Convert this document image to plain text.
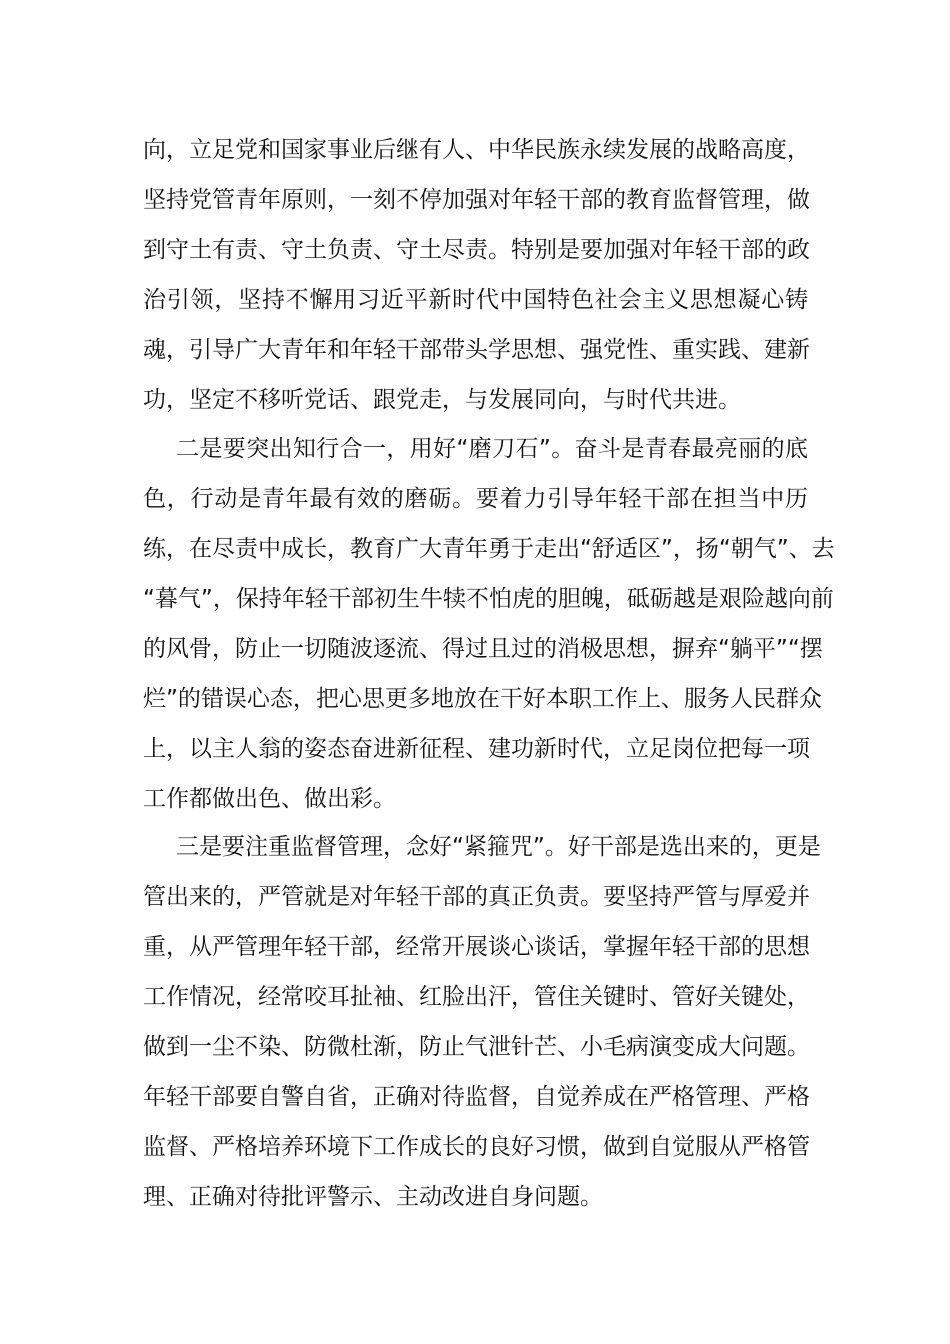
向，立足党和国家事业后继有人、中华民族永续发展的战略高度，
坚持党管青年原则，一刻不停加强对年轻干部的教育监督管理，做
到守土有责、守土负责、守土尽责。特别是要加强对年轻干部的政
治引领，坚持不懈用习近平新时代中国特色社会主义思想凝心铸
魂，引导广大青年和年轻干部带头学思想、强党性、重实践、建新
功，坚定不移听党话、跟党走，与发展同向，与时代共进。
二是要突出知行合一，用好“磨刀石”。奋斗是青春最亮丽的底
色，行动是青年最有效的磨砺。要着力引导年轻干部在担当中历
练，在尽责中成长，教育广大青年勇于走出“舒适区”，扬“朝气”、去
“暮气”，保持年轻干部初生牛犊不怕虎的胆魄，砥砺越是艰险越向前
的风骨，防止一切随波逐流、得过且过的消极思想，摒弃“躺平”“摆
烂”的错误心态，把心思更多地放在干好本职工作上、服务人民群众
上，以主人翁的姿态奋进新征程、建功新时代，立足岗位把每一项
工作都做出色、做出彩。
三是要注重监督管理，念好“紧箍咒”。好干部是选出来的，更是
管出来的，严管就是对年轻干部的真正负责。要坚持严管与厚爱并
重，从严管理年轻干部，经常开展谈心谈话，掌握年轻干部的思想
工作情况，经常咬耳扯袖、红脸出汗，管住关键时、管好关键处，
做到一尘不染、防微杜渐，防止气泄针芒、小毛病演变成大问题。
年轻干部要自警自省，正确对待监督，自觉养成在严格管理、严格
监督、严格培养环境下工作成长的良好习惯，做到自觉服从严格管
理、正确对待批评警示、主动改进自身问题。
